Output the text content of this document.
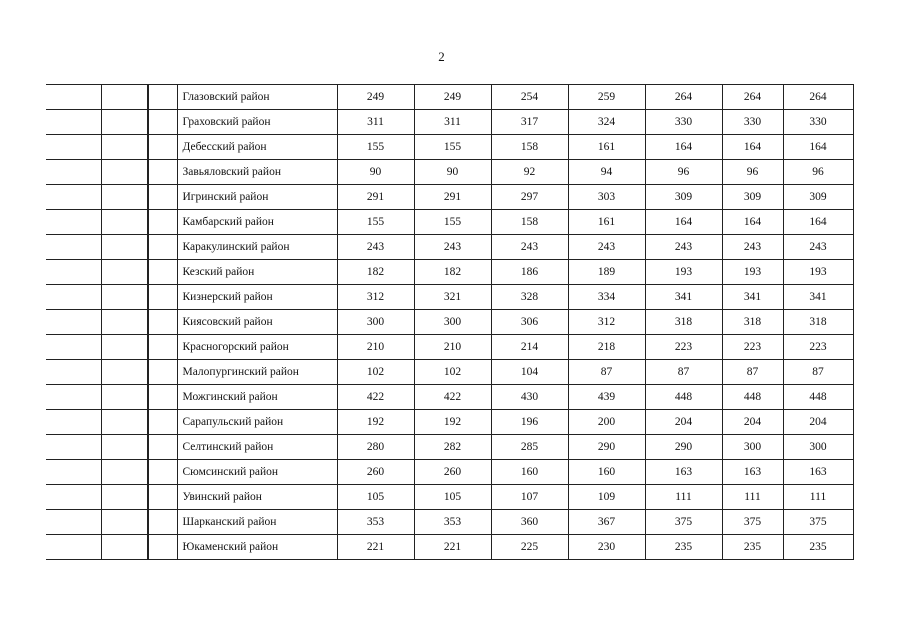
2
			Глазовский район	249	249	254	259	264	264	264
			Граховский район	311	311	317	324	330	330	330
			Дебесский район	155	155	158	161	164	164	164
			Завьяловский район	90	90	92	94	96	96	96
			Игринский район	291	291	297	303	309	309	309
			Камбарский район	155	155	158	161	164	164	164
			Каракулинский район	243	243	243	243	243	243	243
			Кезский район	182	182	186	189	193	193	193
			Кизнерский район	312	321	328	334	341	341	341
			Киясовский район	300	300	306	312	318	318	318
			Красногорский район	210	210	214	218	223	223	223
			Малопургинский район	102	102	104	87	87	87	87
			Можгинский район	422	422	430	439	448	448	448
			Сарапульский район	192	192	196	200	204	204	204
			Селтинский район	280	282	285	290	290	300	300
			Сюмсинский район	260	260	160	160	163	163	163
			Увинский район	105	105	107	109	111	111	111
			Шарканский район	353	353	360	367	375	375	375
			Юкаменский район	221	221	225	230	235	235	235
